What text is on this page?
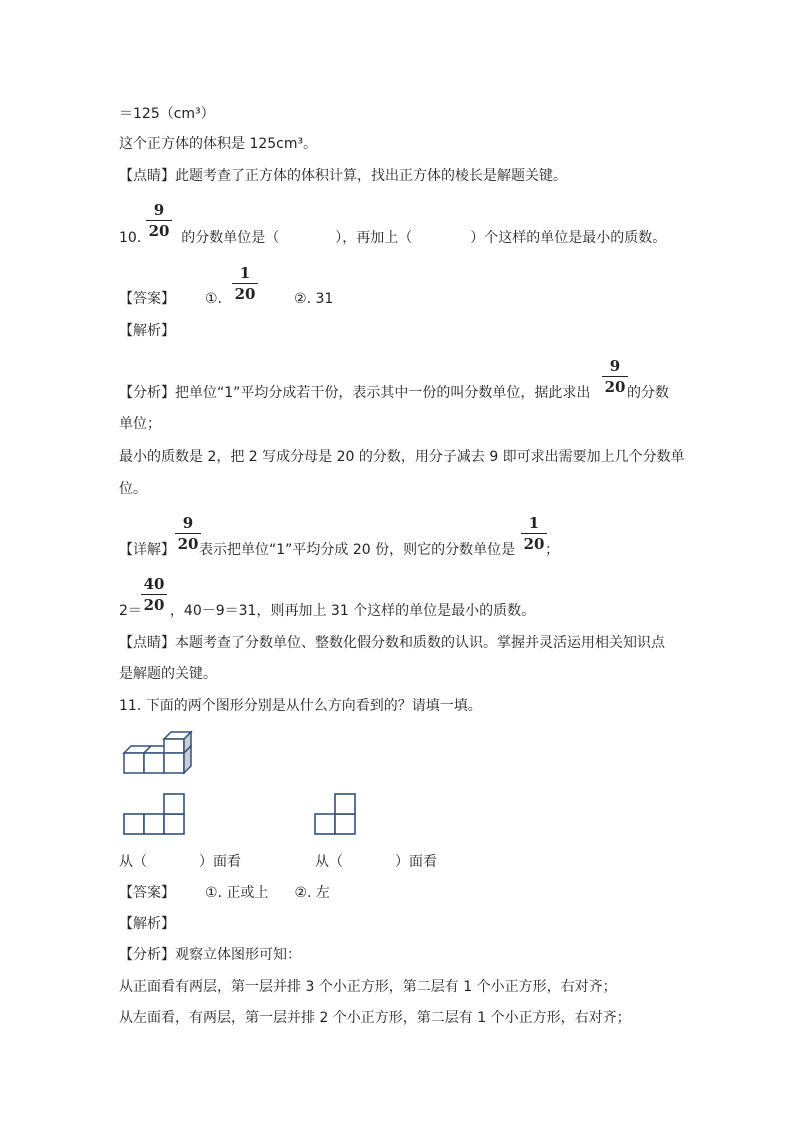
＝125（cm³）
这个正方体的体积是 125cm³。
【点睛】此题考查了正方体的体积计算，找出正方体的棱长是解题关键。
10.	的分数单位是（	），再加上（	）个这样的单位是最小的质数。
9
20
【答案】 ①.	②. 31
1
20
【解析】
【分析】把单位“1”平均分成若干份，表示其中一份的叫分数单位，据此求出
9
20 的分数
单位；
最小的质数是 2，把 2 写成分母是 20 的分数，用分子减去 9 即可求出需要加上几个分数单
位。
【详解】 表示把单位“1”平均分成 20 份，则它的分数单位是 ；
9
20
1
20
2＝ ，40－9＝31，则再加上 31 个这样的单位是最小的质数。
40
20
【点睛】本题考查了分数单位、整数化假分数和质数的认识。掌握并灵活运用相关知识点
是解题的关键。
11. 下面的两个图形分别是从什么方向看到的？请填一填。
从（	）面看	从（	）面看
【答案】 ①. 正或上 ②. 左
【解析】
【分析】观察立体图形可知：
从正面看有两层，第一层并排 3 个小正方形，第二层有 1 个小正方形，右对齐；
从左面看，有两层，第一层并排 2 个小正方形，第二层有 1 个小正方形，右对齐；
